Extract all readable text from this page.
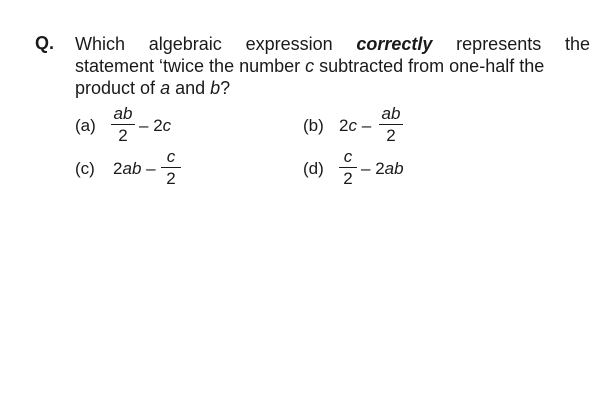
Q. Which algebraic expression correctly represents the
statement ‘twice the number c subtracted from one-half the
product of a and b?
(a)
ab
2
– 2c	(b) 2c –
ab
2
(c) 2ab –
c
2
(d)
c
2
– 2ab
